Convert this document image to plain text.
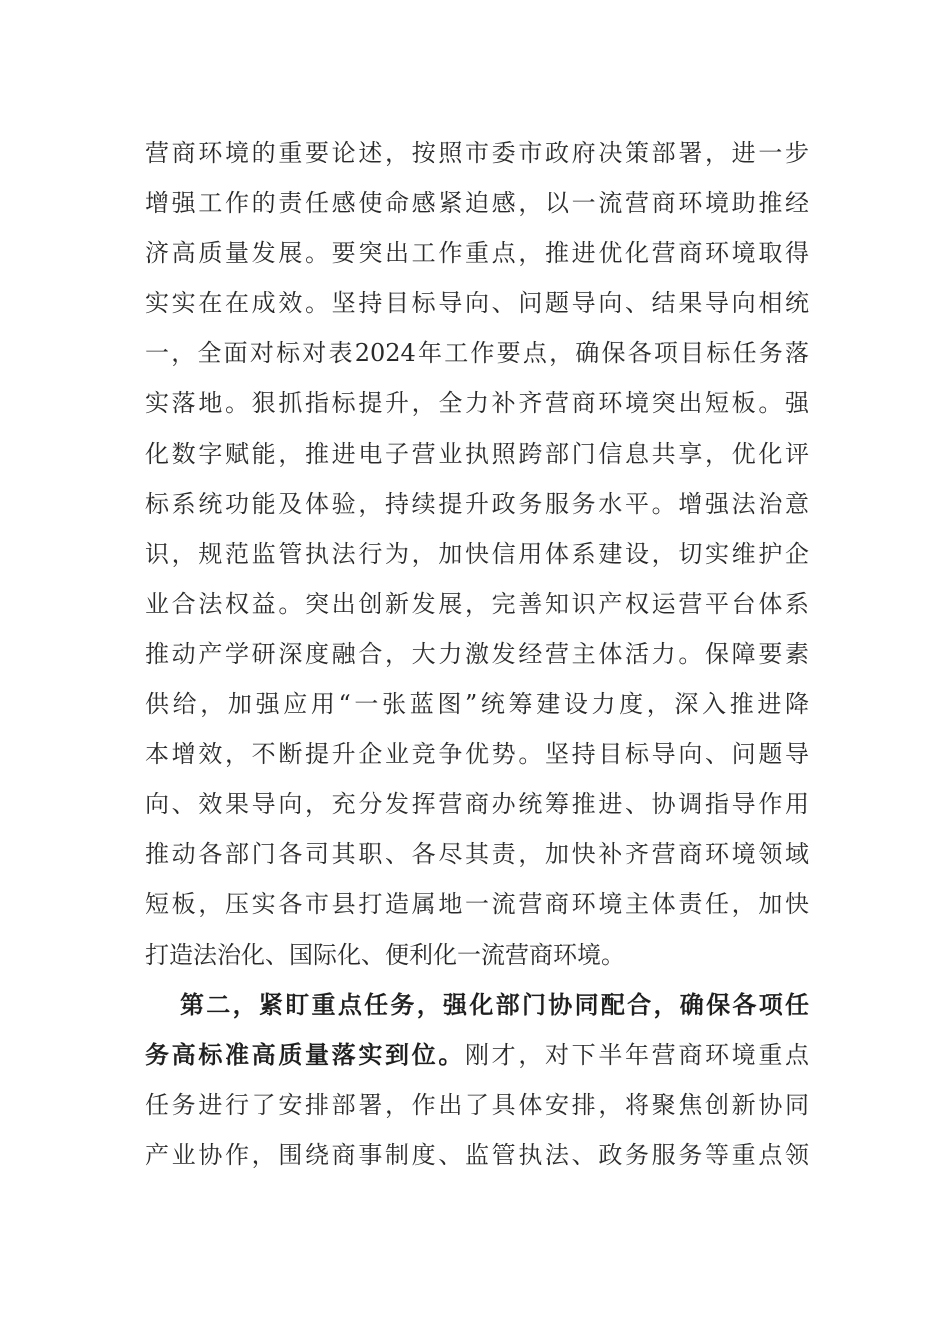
营商环境的重要论述，按照市委市政府决策部署，进一步
增强工作的责任感使命感紧迫感，以一流营商环境助推经
济高质量发展。要突出工作重点，推进优化营商环境取得
实实在在成效。坚持目标导向、问题导向、结果导向相统
一，全面对标对表2024年工作要点，确保各项目标任务落
实落地。狠抓指标提升，全力补齐营商环境突出短板。强
化数字赋能，推进电子营业执照跨部门信息共享，优化评
标系统功能及体验，持续提升政务服务水平。增强法治意
识，规范监管执法行为，加快信用体系建设，切实维护企
业合法权益。突出创新发展，完善知识产权运营平台体系
推动产学研深度融合，大力激发经营主体活力。保障要素
供给，加强应用“一张蓝图”统筹建设力度，深入推进降
本增效，不断提升企业竞争优势。坚持目标导向、问题导
向、效果导向，充分发挥营商办统筹推进、协调指导作用
推动各部门各司其职、各尽其责，加快补齐营商环境领域
短板，压实各市县打造属地一流营商环境主体责任，加快
打造法治化、国际化、便利化一流营商环境。
第二，紧盯重点任务，强化部门协同配合，确保各项任
务高标准高质量落实到位。刚才，对下半年营商环境重点
任务进行了安排部署，作出了具体安排，将聚焦创新协同
产业协作，围绕商事制度、监管执法、政务服务等重点领
